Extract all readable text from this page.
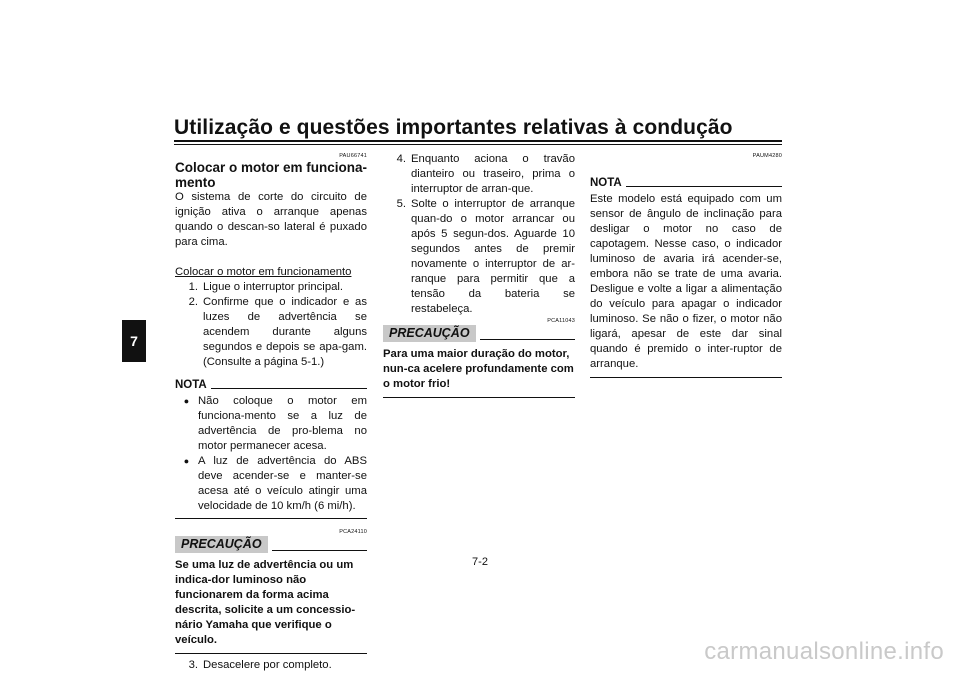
Utilização e questões importantes relativas à condução
7
PAU66741
Colocar o motor em funciona-mento

O sistema de corte do circuito de ignição ativa o arranque apenas quando o descan-so lateral é puxado para cima.

Colocar o motor em funcionamento
1. Ligue o interruptor principal.
2. Confirme que o indicador e as luzes de advertência se acendem durante alguns segundos e depois se apa-gam. (Consulte a página 5-1.)
NOTA
● Não coloque o motor em funciona-mento se a luz de advertência de pro-blema no motor permanecer acesa.
● A luz de advertência do ABS deve acender-se e manter-se acesa até o veículo atingir uma velocidade de 10 km/h (6 mi/h).
PCA24110
PRECAUÇÃO

Se uma luz de advertência ou um indica-dor luminoso não funcionarem da forma acima descrita, solicite a um concessio-nário Yamaha que verifique o veículo.

3. Desacelere por completo.
4. Enquanto aciona o travão dianteiro ou traseiro, prima o interruptor de arran-que.
5. Solte o interruptor de arranque quan-do o motor arrancar ou após 5 segun-dos. Aguarde 10 segundos antes de premir novamente o interruptor de ar-ranque para permitir que a tensão da bateria se restabeleça.
PCA11043
PRECAUÇÃO

Para uma maior duração do motor, nun-ca acelere profundamente com o motor frio!

PAUM4280
NOTA

Este modelo está equipado com um sensor de ângulo de inclinação para desligar o motor no caso de capotagem. Nesse caso, o indicador luminoso de avaria irá acender-se, embora não se trate de uma avaria. Desligue e volte a ligar a alimentação do veículo para apagar o indicador luminoso. Se não o fizer, o motor não ligará, apesar de este dar sinal quando é premido o inter-ruptor de arranque.

7-2
carmanualsonline.info
